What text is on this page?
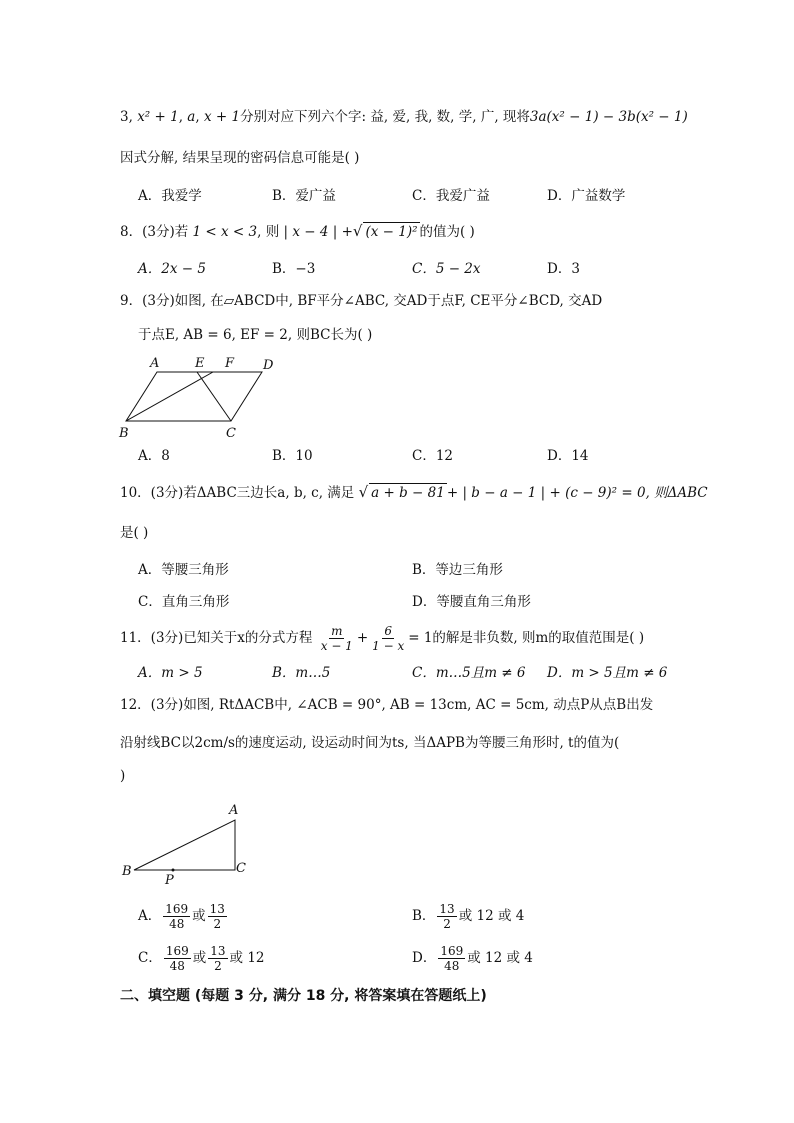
3, x² + 1, a, x + 1分别对应下列六个字: 益, 爱, 我, 数, 学, 广, 现将3a(x² − 1) − 3b(x² − 1)
因式分解, 结果呈现的密码信息可能是( )
A．我爱学	B．爱广益	C．我爱广益	D．广益数学
8．(3分)若 1 < x < 3, 则 | x − 4 | +√ (x − 1)² 的值为( )
A．2x − 5	B．−3	C．5 − 2x	D．3
9．(3分)如图, 在▱ABCD中, BF平分∠ABC, 交AD于点F, CE平分∠BCD, 交AD
于点E, AB = 6, EF = 2, 则BC长为( )
A	E F D
B	C
A．8	B．10	C．12	D．14
10．(3分)若ΔABC三边长a, b, c, 满足 √ a + b − 81 + | b − a − 1 | + (c − 9)² = 0, 则ΔABC
是( )
A．等腰三角形	B．等边三角形
C．直角三角形	D．等腰直角三角形
11．(3分)已知关于x的分式方程 $\frac{m}{x - 1} + \frac{6}{1 - x} = 1$的解是非负数, 则m的取值范围是( )
A．m > 5	B．m…5	C．m…5且m ≠ 6 D．m > 5且m ≠ 6
12．(3分)如图, RtΔACB中, ∠ACB = 90°, AB = 13cm, AC = 5cm, 动点P从点B出发
沿射线BC以2cm/s的速度运动, 设运动时间为ts, 当ΔAPB为等腰三角形时, t的值为(
)
A
B	C
P
A． $\frac{169}{48}$ 或 $\frac{13}{2}$	B． $\frac{13}{2}$ 或 12 或 4
C． $\frac{169}{48}$ 或 $\frac{13}{2}$ 或 12	D． $\frac{169}{48}$ 或 12 或 4
二、填空题 (每题 3 分, 满分 18 分, 将答案填在答题纸上)
